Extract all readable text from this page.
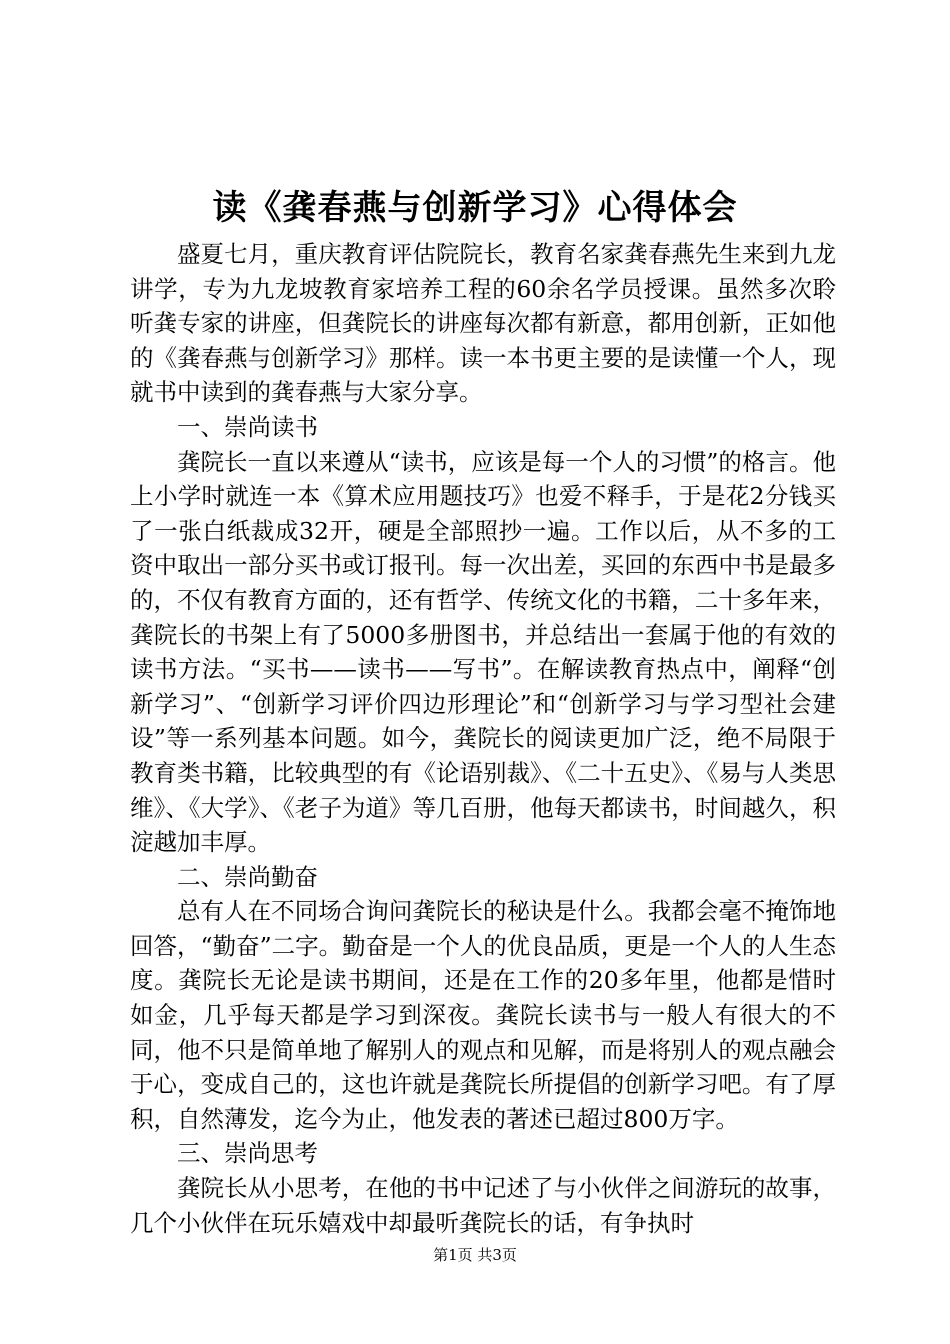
读《龚春燕与创新学习》心得体会

盛夏七月，重庆教育评估院院长，教育名家龚春燕先生来到九龙讲学，专为九龙坡教育家培养工程的60余名学员授课。虽然多次聆听龚专家的讲座，但龚院长的讲座每次都有新意，都用创新，正如他的《龚春燕与创新学习》那样。读一本书更主要的是读懂一个人，现就书中读到的龚春燕与大家分享。

一、崇尚读书

龚院长一直以来遵从“读书，应该是每一个人的习惯”的格言。他上小学时就连一本《算术应用题技巧》也爱不释手，于是花2分钱买了一张白纸裁成32开，硬是全部照抄一遍。工作以后，从不多的工资中取出一部分买书或订报刊。每一次出差，买回的东西中书是最多的，不仅有教育方面的，还有哲学、传统文化的书籍，二十多年来，龚院长的书架上有了5000多册图书，并总结出一套属于他的有效的读书方法。“买书——读书——写书”。在解读教育热点中，阐释“创新学习”、“创新学习评价四边形理论”和“创新学习与学习型社会建设”等一系列基本问题。如今，龚院长的阅读更加广泛，绝不局限于教育类书籍，比较典型的有《论语别裁》、《二十五史》、《易与人类思维》、《大学》、《老子为道》等几百册，他每天都读书，时间越久，积淀越加丰厚。

二、崇尚勤奋

总有人在不同场合询问龚院长的秘诀是什么。我都会毫不掩饰地回答，“勤奋”二字。勤奋是一个人的优良品质，更是一个人的人生态度。龚院长无论是读书期间，还是在工作的20多年里，他都是惜时如金，几乎每天都是学习到深夜。龚院长读书与一般人有很大的不同，他不只是简单地了解别人的观点和见解，而是将别人的观点融会于心，变成自己的，这也许就是龚院长所提倡的创新学习吧。有了厚积，自然薄发，迄今为止，他发表的著述已超过800万字。

三、崇尚思考

龚院长从小思考，在他的书中记述了与小伙伴之间游玩的故事，几个小伙伴在玩乐嬉戏中却最听龚院长的话，有争执时

第1页 共3页
